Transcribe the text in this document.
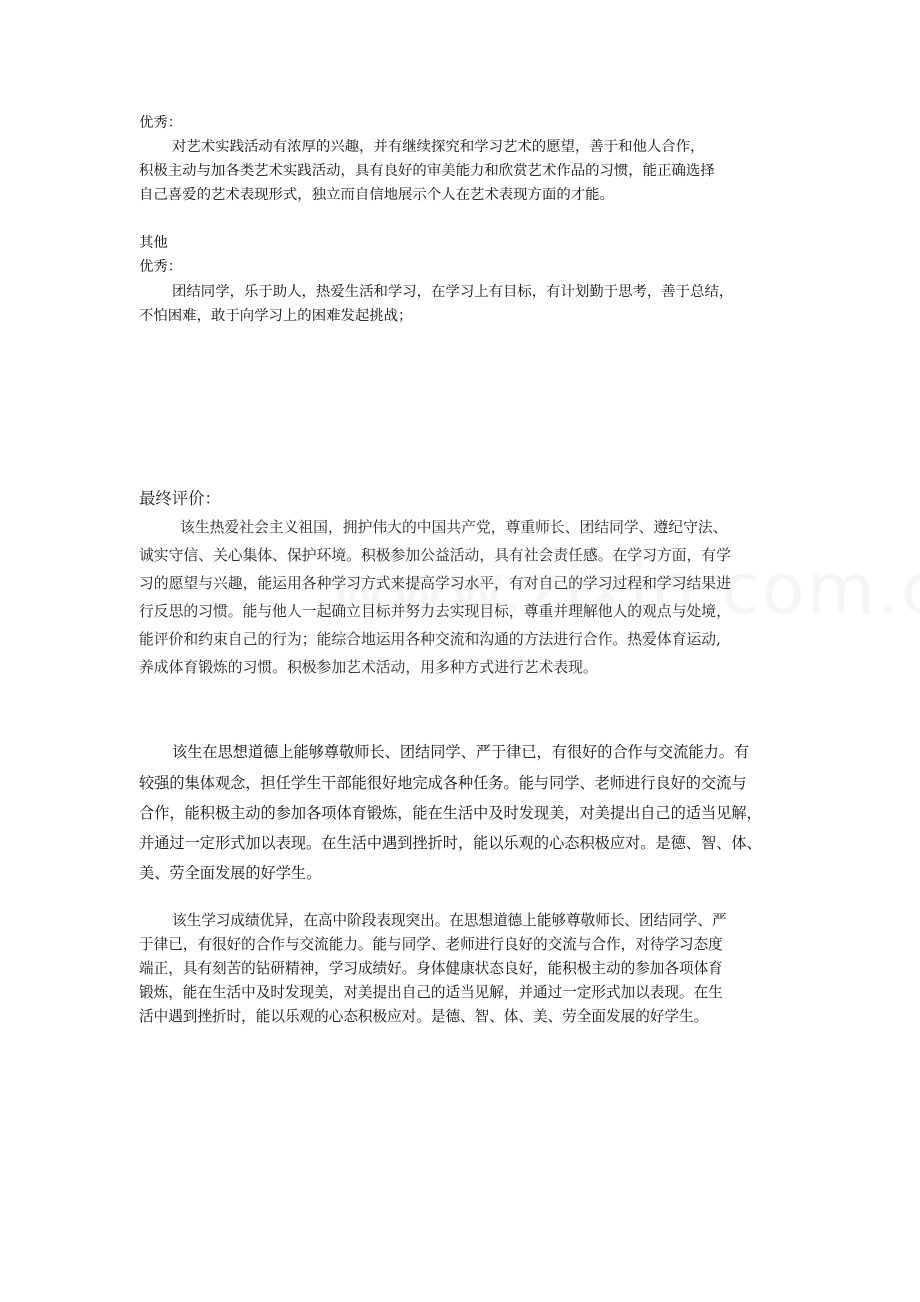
优秀：

对艺术实践活动有浓厚的兴趣，并有继续探究和学习艺术的愿望，善于和他人合作，

积极主动与加各类艺术实践活动，具有良好的审美能力和欣赏艺术作品的习惯，能正确选择

自己喜爱的艺术表现形式，独立而自信地展示个人在艺术表现方面的才能。

其他

优秀：

团结同学，乐于助人，热爱生活和学习，在学习上有目标，有计划勤于思考，善于总结，

不怕困难，敢于向学习上的困难发起挑战；

最终评价：

该生热爱社会主义祖国，拥护伟大的中国共产党，尊重师长、团结同学、遵纪守法、

诚实守信、关心集体、保护环境。积极参加公益活动，具有社会责任感。在学习方面，有学

习的愿望与兴趣，能运用各种学习方式来提高学习水平，有对自己的学习过程和学习结果进

行反思的习惯。能与他人一起确立目标并努力去实现目标，尊重并理解他人的观点与处境，

能评价和约束自己的行为；能综合地运用各种交流和沟通的方法进行合作。热爱体育运动,

养成体育锻炼的习惯。积极参加艺术活动，用多种方式进行艺术表现。

该生在思想道德上能够尊敬师长、团结同学、严于律已，有很好的合作与交流能力。有

较强的集体观念，担任学生干部能很好地完成各种任务。能与同学、老师进行良好的交流与

合作，能积极主动的参加各项体育锻炼，能在生活中及时发现美，对美提出自己的适当见解，

并通过一定形式加以表现。在生活中遇到挫折时，能以乐观的心态积极应对。是德、智、体、

美、劳全面发展的好学生。

该生学习成绩优异，在高中阶段表现突出。在思想道德上能够尊敬师长、团结同学、严

于律已，有很好的合作与交流能力。能与同学、老师进行良好的交流与合作，对待学习态度

端正，具有刻苦的钻研精神，学习成绩好。身体健康状态良好，能积极主动的参加各项体育

锻炼，能在生活中及时发现美，对美提出自己的适当见解，并通过一定形式加以表现。在生

活中遇到挫折时，能以乐观的心态积极应对。是德、智、体、美、劳全面发展的好学生。
